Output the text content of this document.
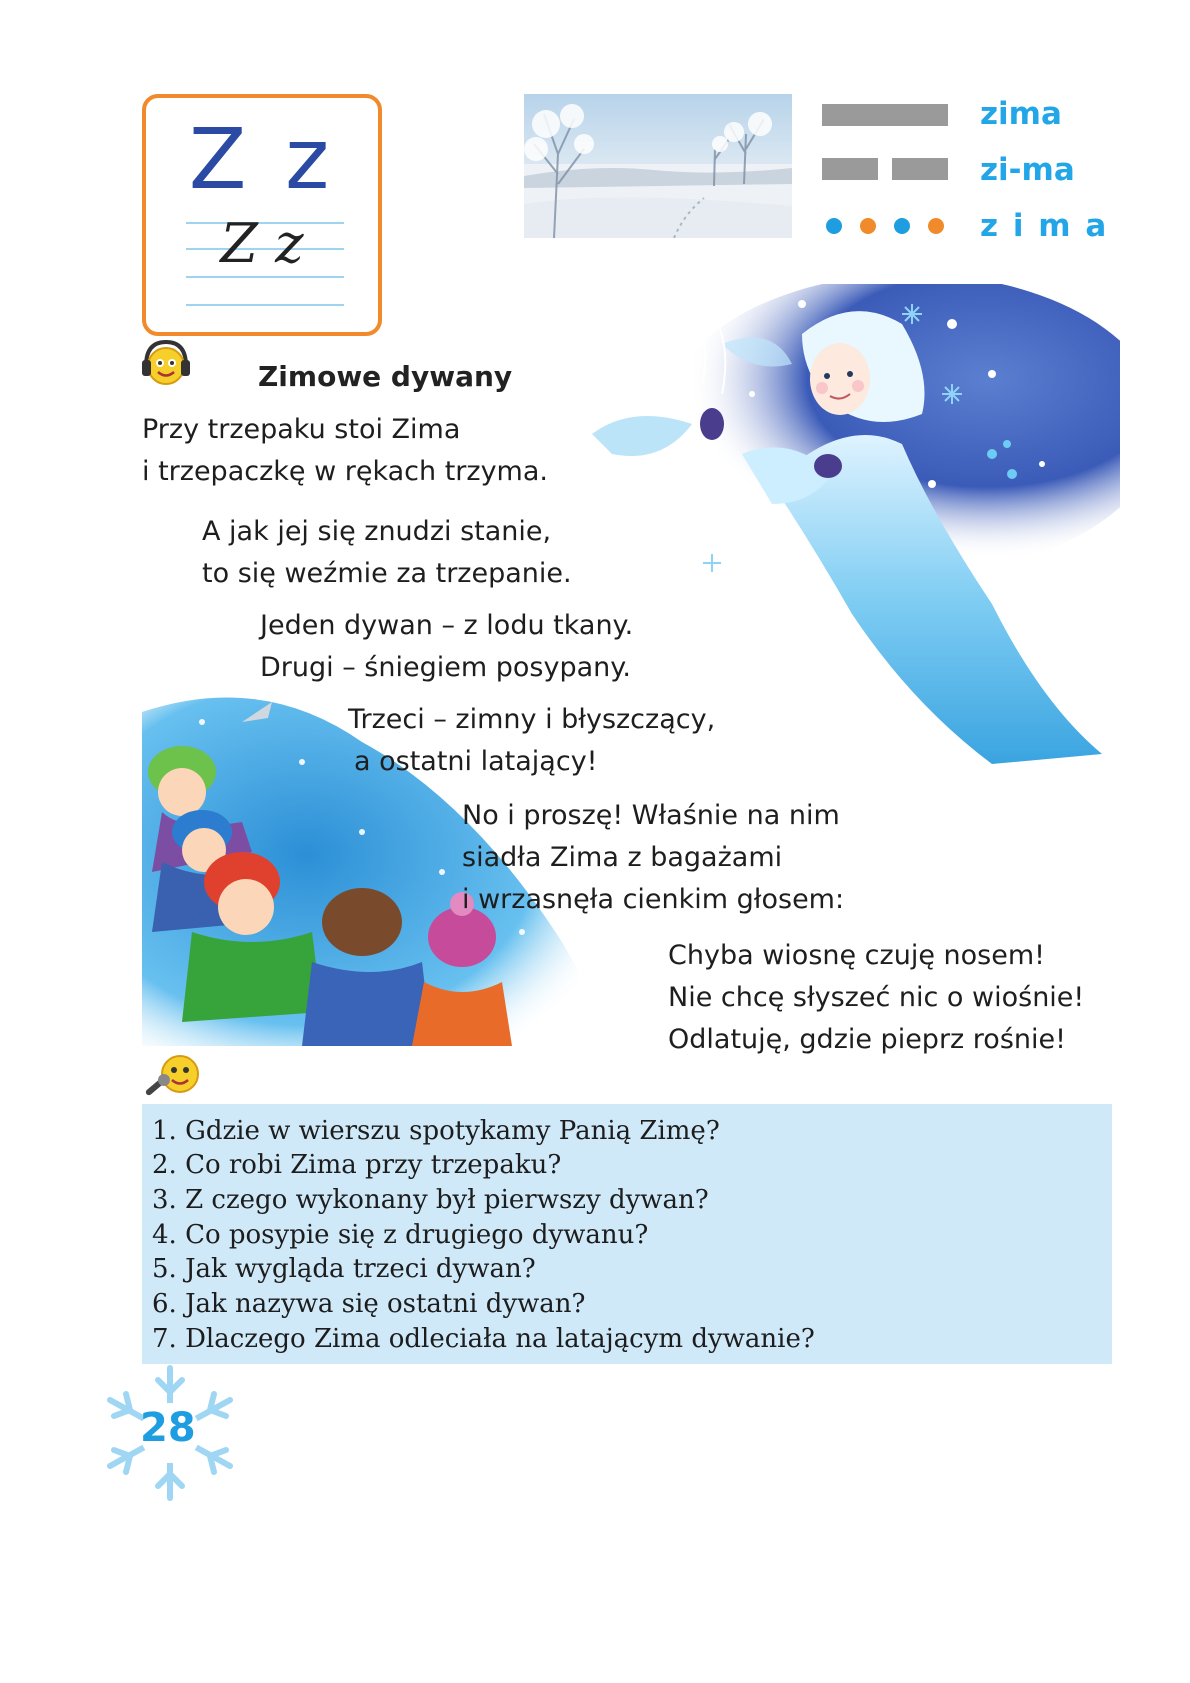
Z z
Z z
zima
zi-ma
z i m a
Zimowe dywany
Przy trzepaku stoi Zima
i trzepaczkę w rękach trzyma.
A jak jej się znudzi stanie,
to się weźmie za trzepanie.
Jeden dywan – z lodu tkany.
Drugi – śniegiem posypany.
Trzeci – zimny i błyszczący,
a ostatni latający!
No i proszę! Właśnie na nim
siadła Zima z bagażami
i wrzasnęła cienkim głosem:
Chyba wiosnę czuję nosem!
Nie chcę słyszeć nic o wiośnie!
Odlatuję, gdzie pieprz rośnie!
1. Gdzie w wierszu spotykamy Panią Zimę?
2. Co robi Zima przy trzepaku?
3. Z czego wykonany był pierwszy dywan?
4. Co posypie się z drugiego dywanu?
5. Jak wygląda trzeci dywan?
6. Jak nazywa się ostatni dywan?
7. Dlaczego Zima odleciała na latającym dywanie?
28
